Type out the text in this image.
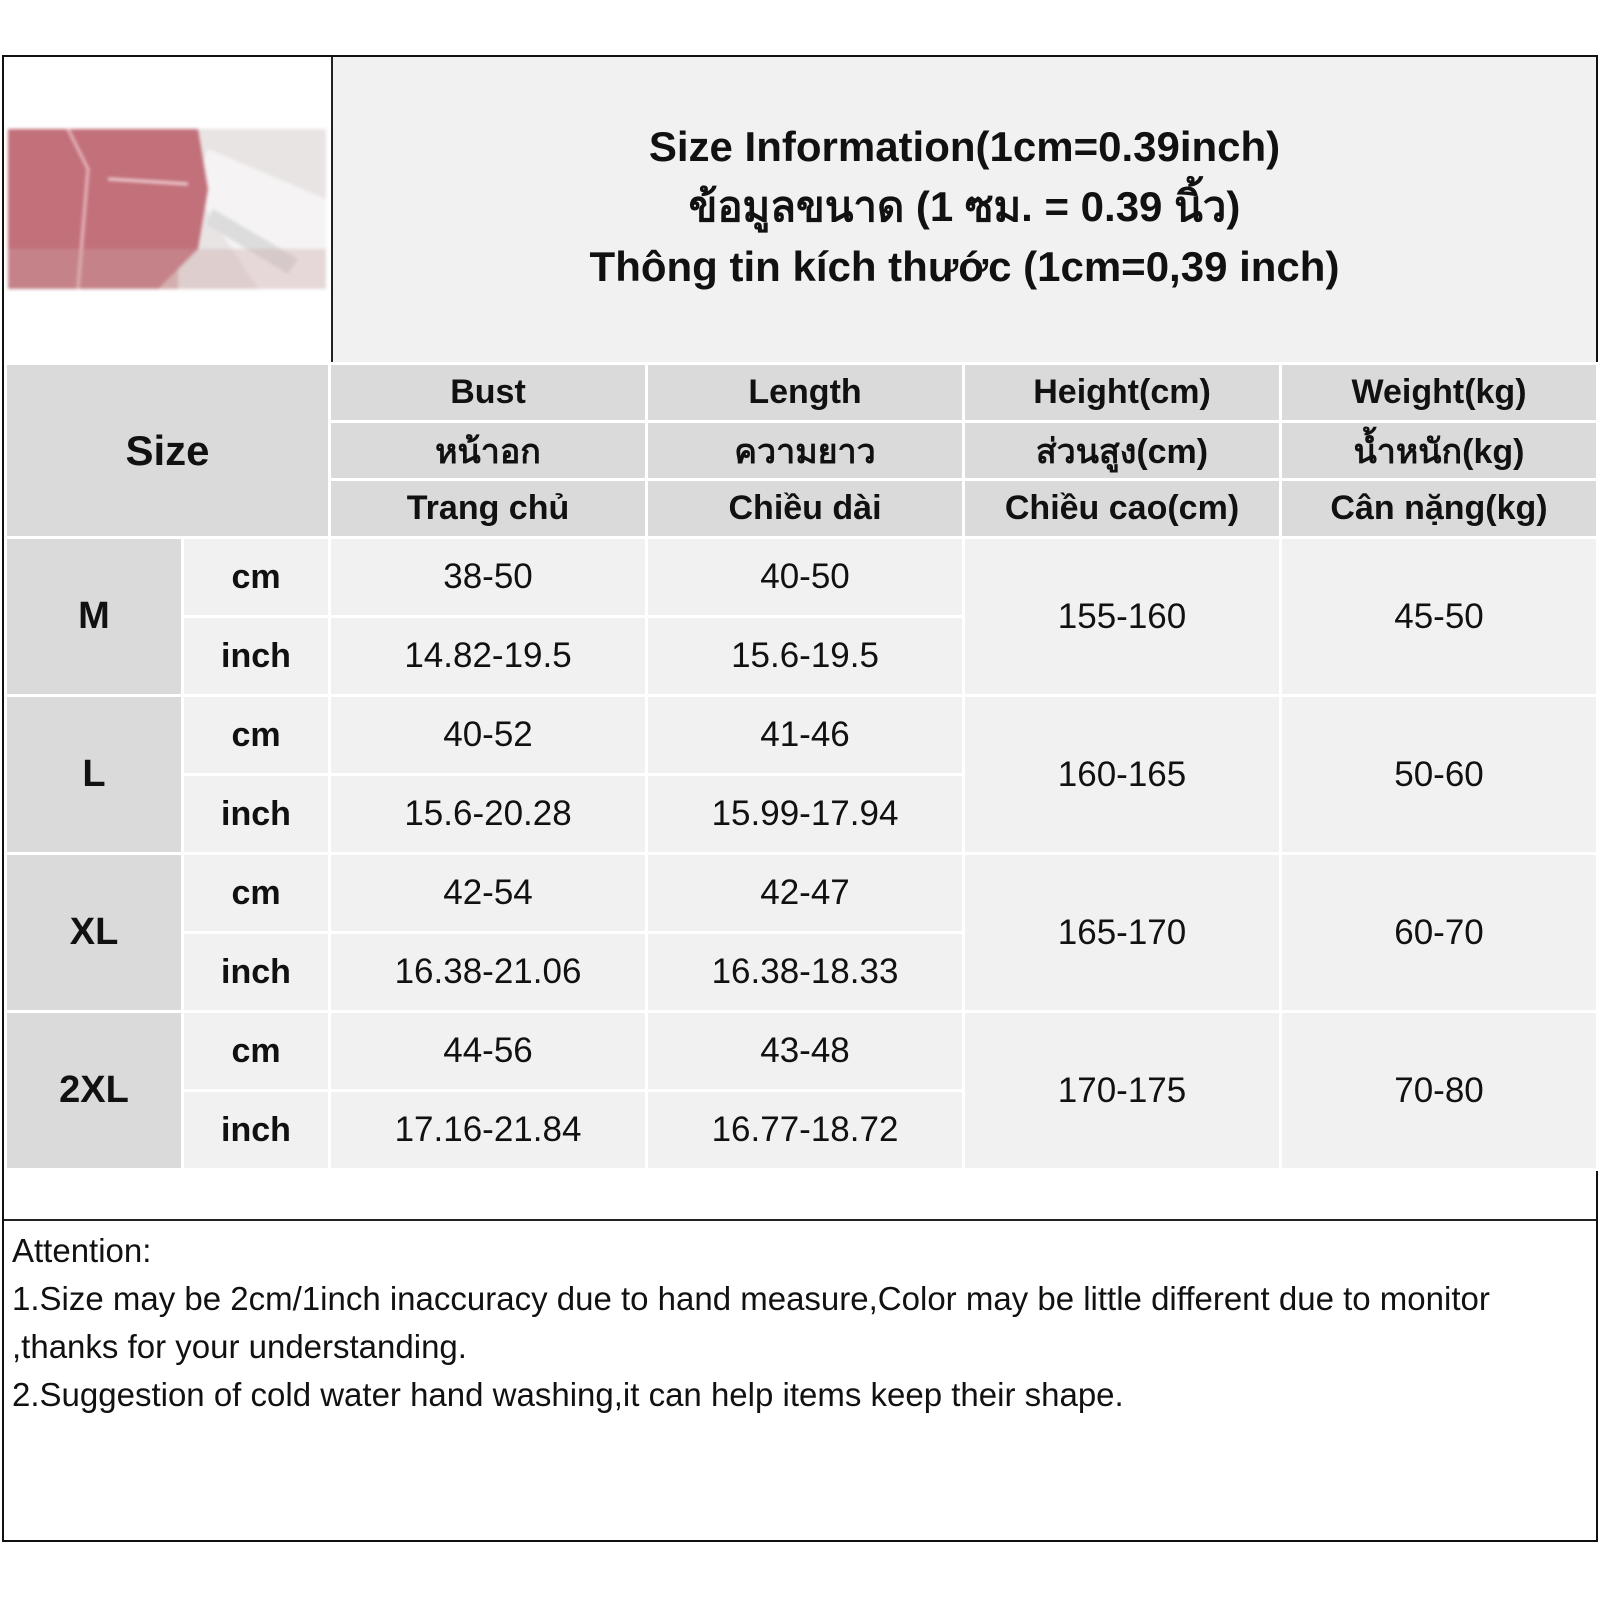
Size Information(1cm=0.39inch)
ข้อมูลขนาด (1 ซม. = 0.39 นิ้ว)
Thông tin kích thước (1cm=0,39 inch)
Size		Bust	Length	Height(cm)	Weight(kg)
		หน้าอก	ความยาว	ส่วนสูง(cm)	น้ำหนัก(kg)
		Trang chủ	Chiều dài	Chiều cao(cm)	Cân nặng(kg)
M	cm	38-50	40-50	155-160	45-50
	inch	14.82-19.5	15.6-19.5		
L	cm	40-52	41-46	160-165	50-60
	inch	15.6-20.28	15.99-17.94		
XL	cm	42-54	42-47	165-170	60-70
	inch	16.38-21.06	16.38-18.33		
2XL	cm	44-56	43-48	170-175	70-80
	inch	17.16-21.84	16.77-18.72		
Attention:
1.Size may be 2cm/1inch inaccuracy due to hand measure,Color may be little different due to monitor ,thanks for your understanding.
2.Suggestion of cold water hand washing,it can help items keep their shape.
